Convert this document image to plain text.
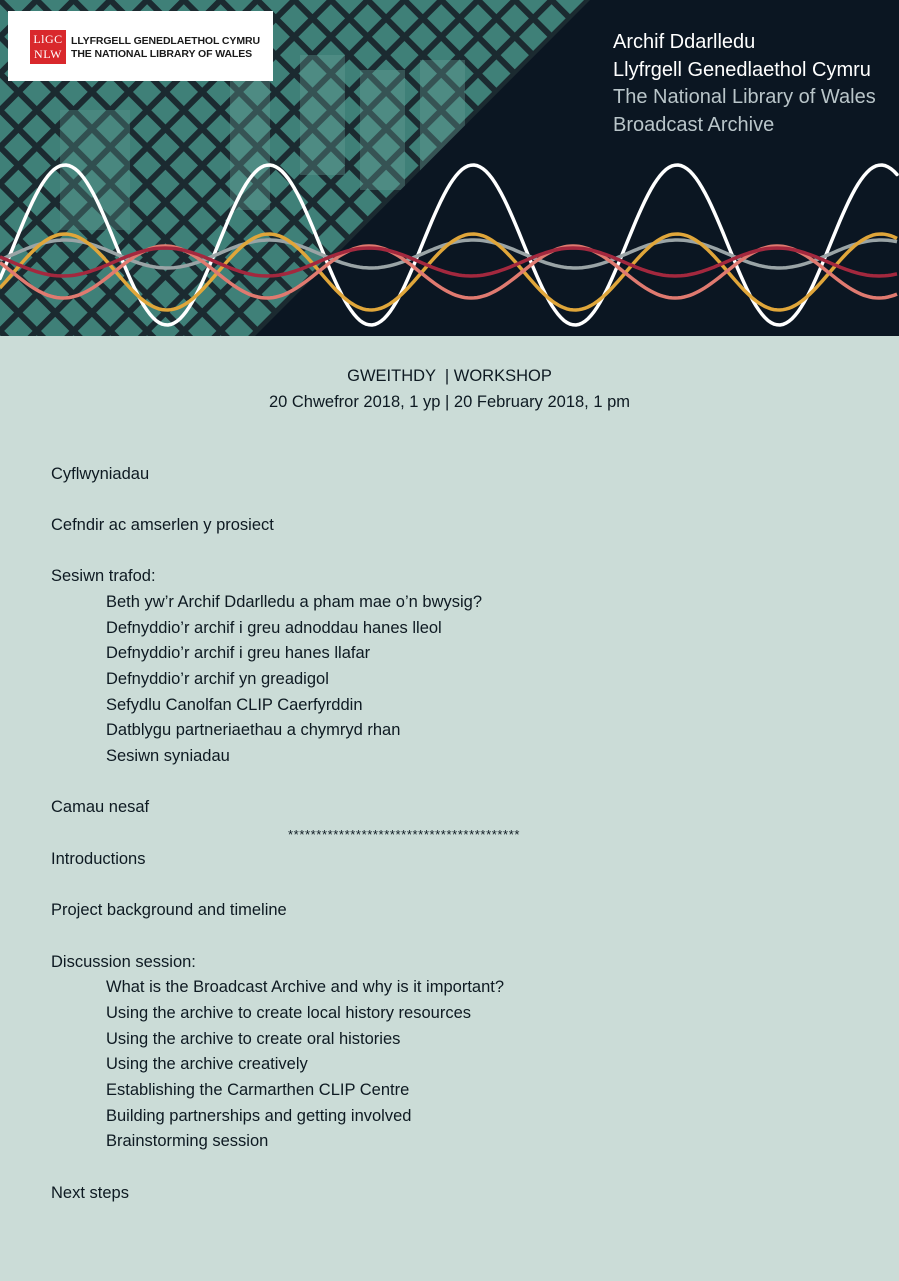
LlGC
NLW
LLYFRGELL GENEDLAETHOL CYMRU
THE NATIONAL LIBRARY OF WALES
Archif Ddarlledu
Llyfrgell Genedlaethol Cymru
The National Library of Wales
Broadcast Archive
GWEITHDY  | WORKSHOP
20 Chwefror 2018, 1 yp | 20 February 2018, 1 pm
Cyflwyniadau
Cefndir ac amserlen y prosiect
Sesiwn trafod:
Beth yw’r Archif Ddarlledu a pham mae o’n bwysig?
Defnyddio’r archif i greu adnoddau hanes lleol
Defnyddio’r archif i greu hanes llafar
Defnyddio’r archif yn greadigol
Sefydlu Canolfan CLIP Caerfyrddin
Datblygu partneriaethau a chymryd rhan
Sesiwn syniadau
Camau nesaf
*****************************************
Introductions
Project background and timeline
Discussion session:
What is the Broadcast Archive and why is it important?
Using the archive to create local history resources
Using the archive to create oral histories
Using the archive creatively
Establishing the Carmarthen CLIP Centre
Building partnerships and getting involved
Brainstorming session
Next steps
